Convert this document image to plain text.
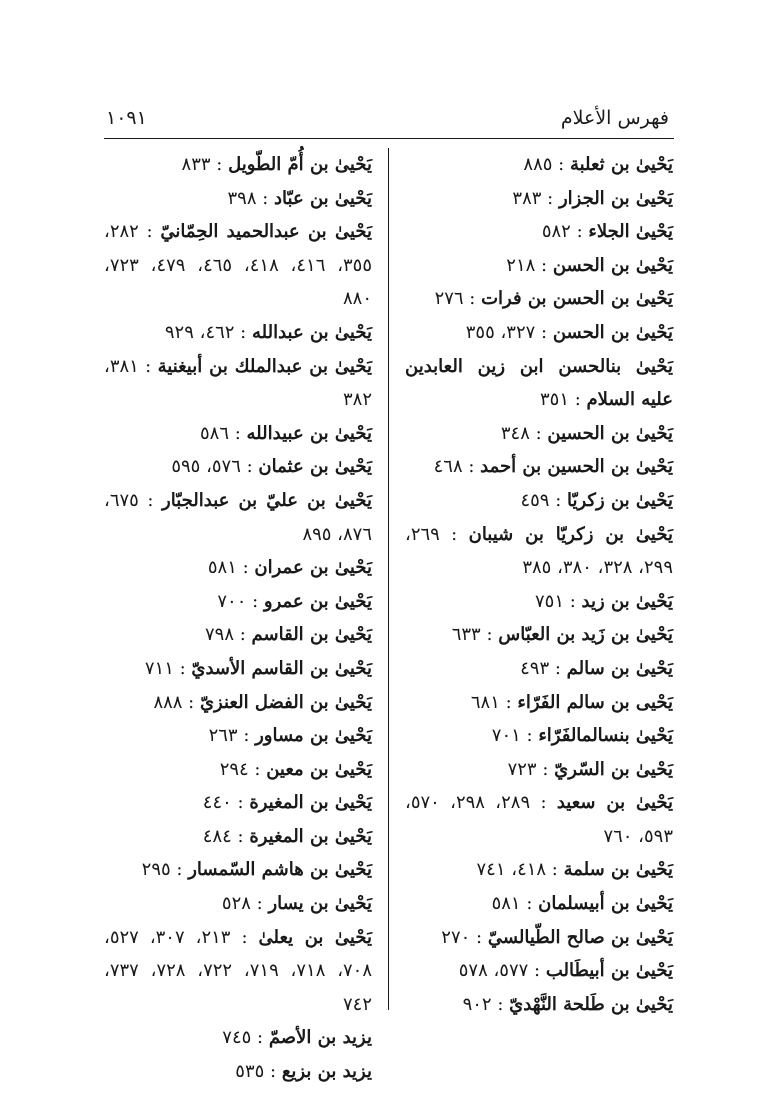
فهرس الأعلام
١٠٩١
يَحْيىٰ بن ثعلبة : ٨٨٥
يَحْيىٰ بن الجزار : ٣٨٣
يَحْيىٰ الجلاء : ٥٨٢
يَحْيىٰ بن الحسن : ٢١٨
يَحْيىٰ بن الحسن بن فرات : ٢٧٦
يَحْيىٰ بن الحسن : ٣٢٧، ٣٥٥
يَحْيىٰ بنالحسن ابن زين العابدين عليه السلام : ٣٥١
يَحْيىٰ بن الحسين : ٣٤٨
يَحْيىٰ بن الحسين بن أحمد : ٤٦٨
يَحْيىٰ بن زكريّا : ٤٥٩
يَحْيىٰ بن زكريّا بن شيبان : ٢٦٩، ٢٩٩، ٣٢٨، ٣٨٠، ٣٨٥
يَحْيىٰ بن زيد : ٧٥١
يَحْيىٰ بن زَيد بن العبّاس : ٦٣٣
يَحْيىٰ بن سالم : ٤٩٣
يَحْيى بن سالم الفَرّاء : ٦٨١
يَحْيىٰ بنسالمالفَرّاء : ٧٠١
يَحْيىٰ بن السّريّ : ٧٢٣
يَحْيىٰ بن سعيد : ٢٨٩، ٢٩٨، ٥٧٠، ٥٩٣، ٧٦٠
يَحْيىٰ بن سلمة : ٤١٨، ٧٤١
يَحْيىٰ بن أبيسلمان : ٥٨١
يَحْيىٰ بن صالح الطّيالسيّ : ٢٧٠
يَحْيىٰ بن أبيطَالب : ٥٧٧، ٥٧٨
يَحْيىٰ بن طَلحة النَّهْديّ : ٩٠٢
يَحْيىٰ بن أُمّ الطّويل : ٨٣٣
يَحْيىٰ بن عبّاد : ٣٩٨
يَحْيىٰ بن عبدالحميد الحِمّانيّ : ٢٨٢، ٣٥٥، ٤١٦، ٤١٨، ٤٦٥، ٤٧٩، ٧٢٣، ٨٨٠
يَحْيىٰ بن عبدالله : ٤٦٢، ٩٢٩
يَحْيىٰ بن عبدالملك بن أبيغنية : ٣٨١، ٣٨٢
يَحْيىٰ بن عبيدالله : ٥٨٦
يَحْيىٰ بن عثمان : ٥٧٦، ٥٩٥
يَحْيىٰ بن عليّ بن عبدالجبّار : ٦٧٥، ٨٧٦، ٨٩٥
يَحْيىٰ بن عمران : ٥٨١
يَحْيىٰ بن عمرو : ٧٠٠
يَحْيىٰ بن القاسم : ٧٩٨
يَحْيىٰ بن القاسم الأسديّ : ٧١١
يَحْيىٰ بن الفضل العنزيّ : ٨٨٨
يَحْيىٰ بن مساور : ٢٦٣
يَحْيىٰ بن معين : ٢٩٤
يَحْيىٰ بن المغيرة : ٤٤٠
يَحْيىٰ بن المغيرة : ٤٨٤
يَحْيىٰ بن هاشم السّمسار : ٢٩٥
يَحْيىٰ بن يسار : ٥٢٨
يَحْيىٰ بن يعلىٰ : ٢١٣، ٣٠٧، ٥٢٧، ٧٠٨، ٧١٨، ٧١٩، ٧٢٢، ٧٢٨، ٧٣٧، ٧٤٢
يزيد بن الأصمّ : ٧٤٥
يزيد بن بزيع : ٥٣٥
